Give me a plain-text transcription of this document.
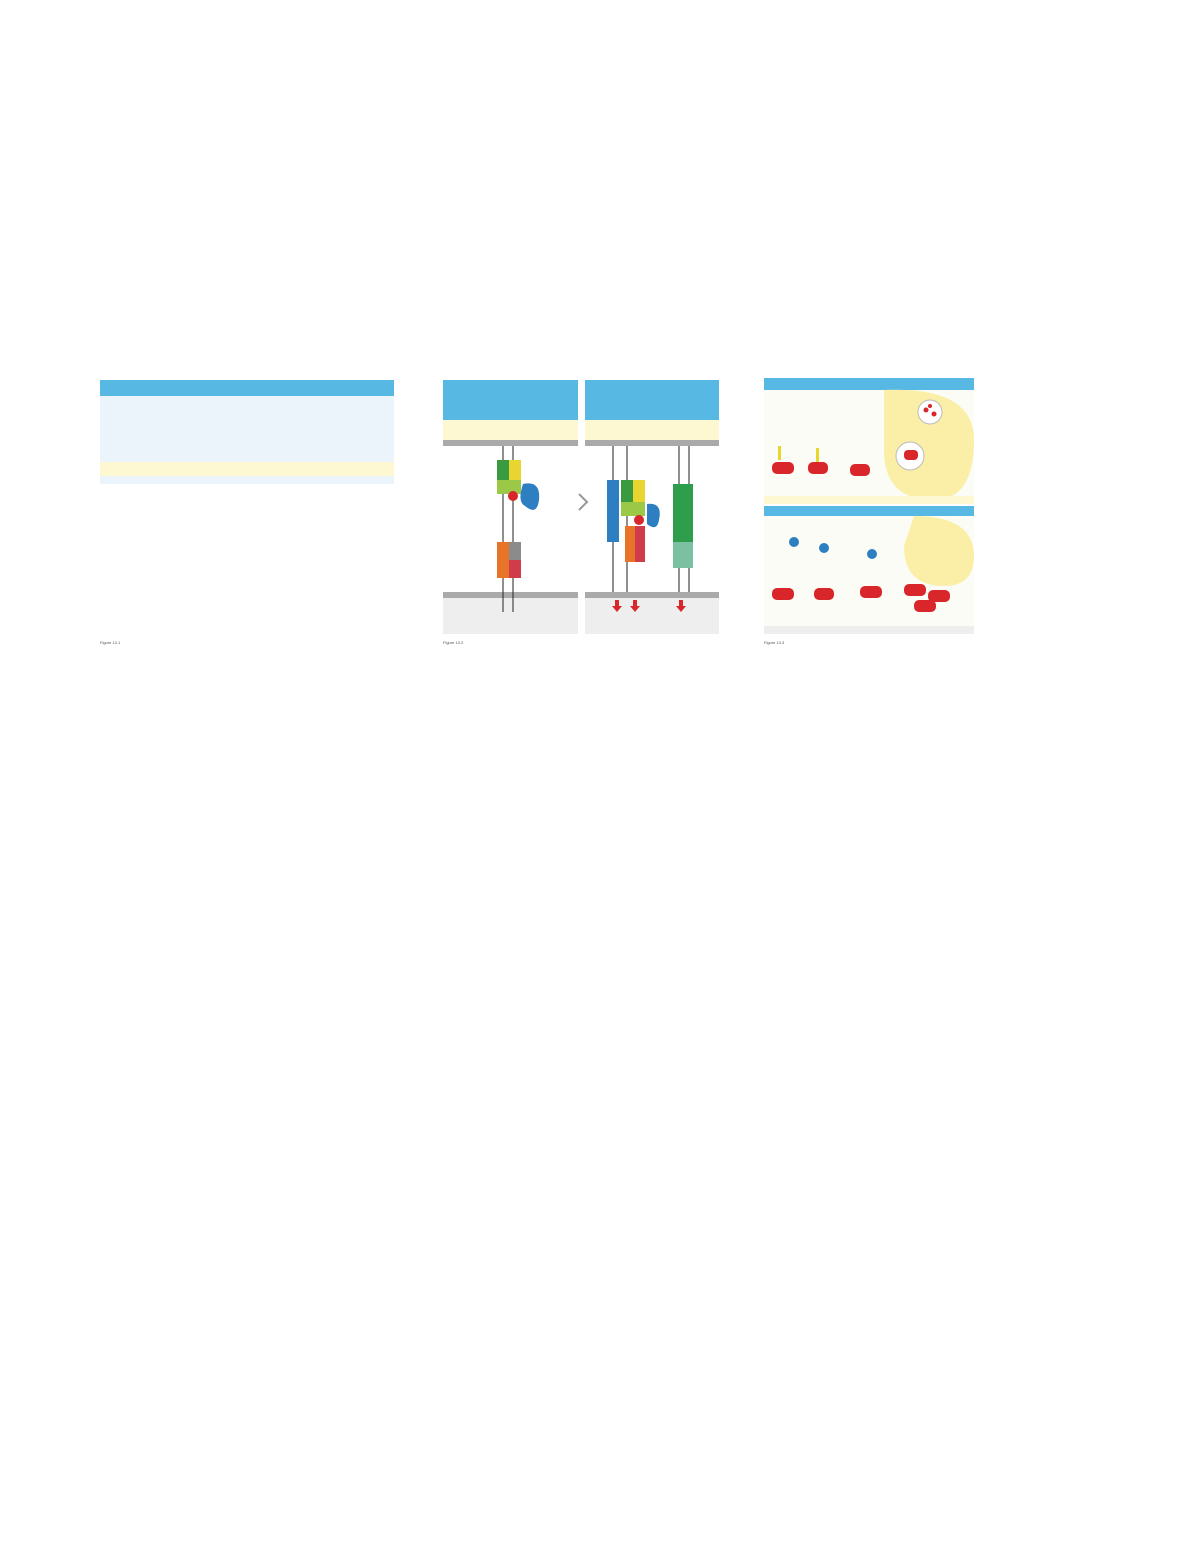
Figure 13.1	Figure 13.2	Figure 13.3
